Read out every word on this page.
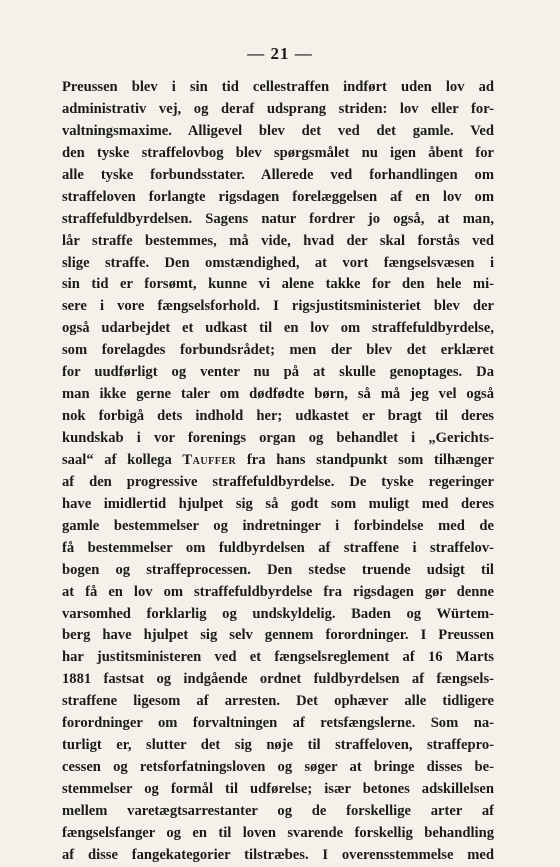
— 21 —
Preussen blev i sin tid cellestraffen indført uden lov ad
administrativ vej, og deraf udsprang striden: lov eller for-
valtningsmaxime. Alligevel blev det ved det gamle. Ved
den tyske straffelovbog blev spørgsmålet nu igen åbent for
alle tyske forbundsstater. Allerede ved forhandlingen om
straffeloven forlangte rigsdagen forelæggelsen af en lov om
straffefuldbyrdelsen. Sagens natur fordrer jo også, at man,
lår straffe bestemmes, må vide, hvad der skal forstås ved
slige straffe. Den omstændighed, at vort fængselsvæsen i
sin tid er forsømt, kunne vi alene takke for den hele mi-
sere i vore fængselsforhold. I rigsjustitsministeriet blev der
også udarbejdet et udkast til en lov om straffefuldbyrdelse,
som forelagdes forbundsrådet; men der blev det erklæret
for uudførligt og venter nu på at skulle genoptages. Da
man ikke gerne taler om dødfødte børn, så må jeg vel også
nok forbigå dets indhold her; udkastet er bragt til deres
kundskab i vor forenings organ og behandlet i „Gerichts-
saal“ af kollega Tauffer fra hans standpunkt som tilhænger
af den progressive straffefuldbyrdelse. De tyske regeringer
have imidlertid hjulpet sig så godt som muligt med deres
gamle bestemmelser og indretninger i forbindelse med de
få bestemmelser om fuldbyrdelsen af straffene i straffelov-
bogen og straffeprocessen. Den stedse truende udsigt til
at få en lov om straffefuldbyrdelse fra rigsdagen gør denne
varsomhed forklarlig og undskyldelig. Baden og Würtem-
berg have hjulpet sig selv gennem forordninger. I Preussen
har justitsministeren ved et fængselsreglement af 16 Marts
1881 fastsat og indgående ordnet fuldbyrdelsen af fængsels-
straffene ligesom af arresten. Det ophæver alle tidligere
forordninger om forvaltningen af retsfængslerne. Som na-
turligt er, slutter det sig nøje til straffeloven, straffepro-
cessen og retsforfatningsloven og søger at bringe disses be-
stemmelser og formål til udførelse; især betones adskillelsen
mellem varetægtsarrestanter og de forskellige arter af
fængselsfanger og en til loven svarende forskellig behandling
af disse fangekategorier tilstræbes. I overensstemmelse med
